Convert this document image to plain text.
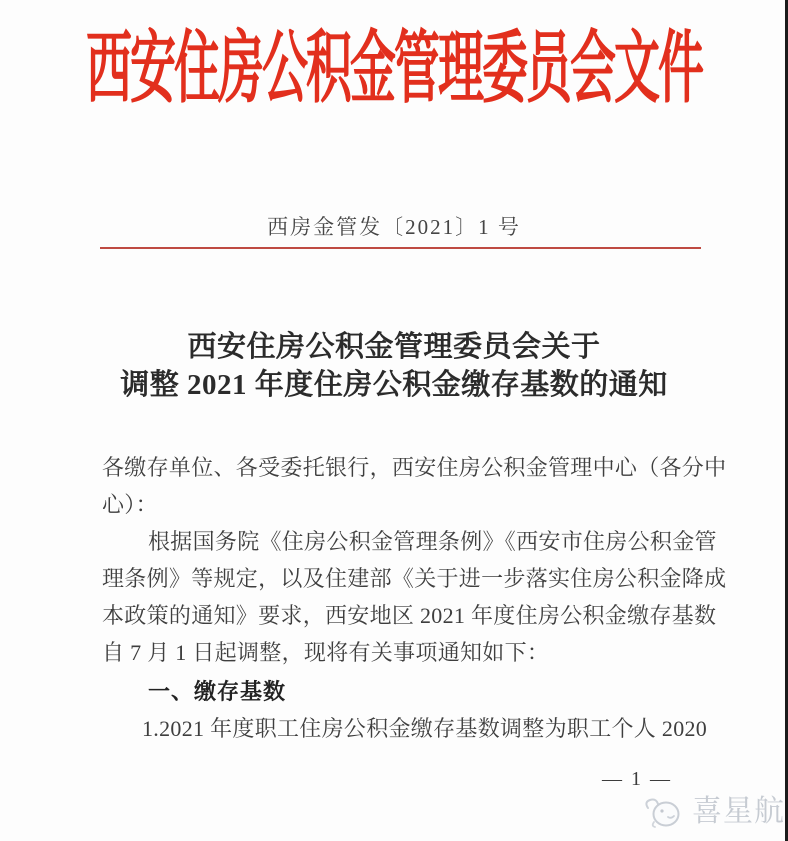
西安住房公积金管理委员会文件
西房金管发〔2021〕1 号
西安住房公积金管理委员会关于
调整 2021 年度住房公积金缴存基数的通知
各缴存单位、各受委托银行，西安住房公积金管理中心（各分中
心）：
根据国务院《住房公积金管理条例》《西安市住房公积金管
理条例》等规定，以及住建部《关于进一步落实住房公积金降成
本政策的通知》要求，西安地区 2021 年度住房公积金缴存基数
自 7 月 1 日起调整，现将有关事项通知如下：
一、缴存基数
1.2021 年度职工住房公积金缴存基数调整为职工个人 2020
— 1 —
喜星航
